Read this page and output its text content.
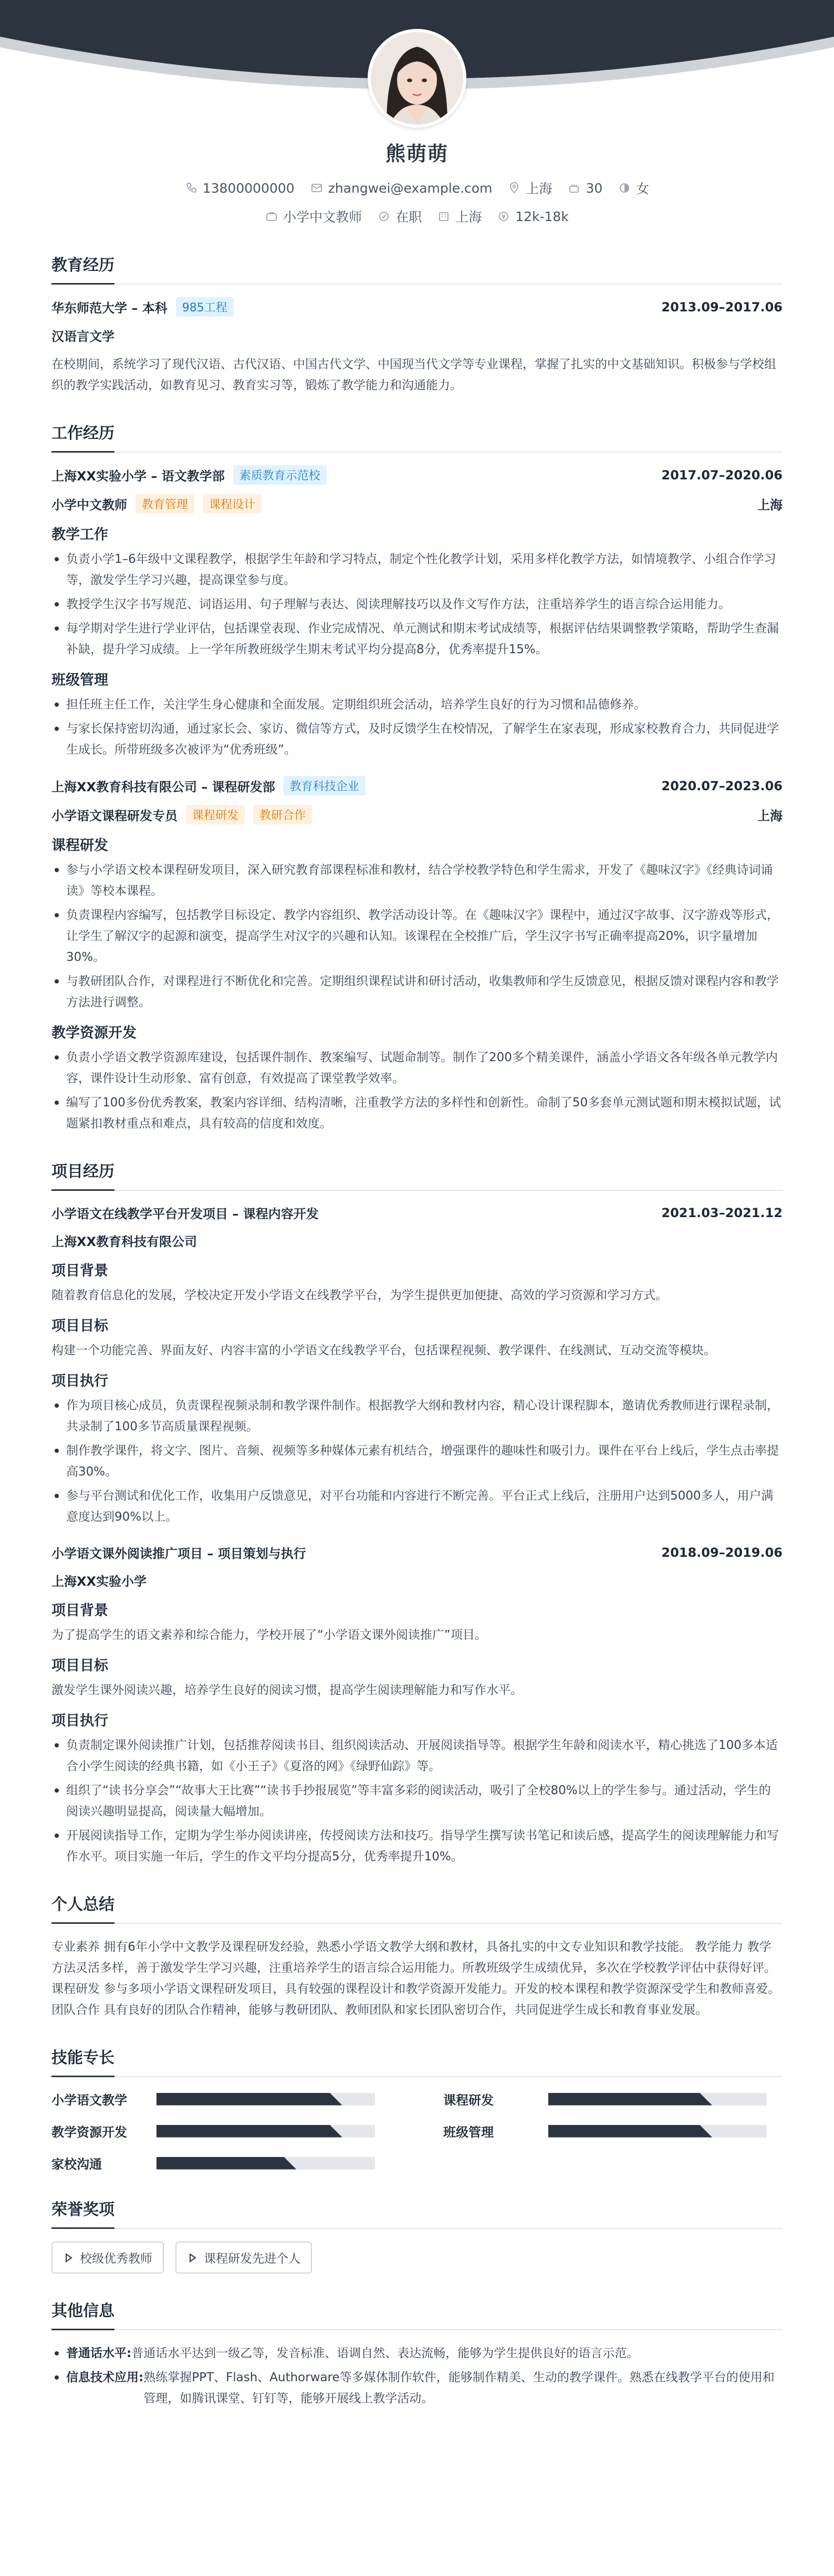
熊萌萌
13800000000	zhangwei@example.com	上海	30	女
小学中文教师	在职	上海	12k-18k
教育经历
华东师范大学 – 本科	985工程	2013.09–2017.06
汉语言文学
在校期间，系统学习了现代汉语、古代汉语、中国古代文学、中国现当代文学等专业课程，掌握了扎实的中文基础知识。积极参与学校组织的教学实践活动，如教育见习、教育实习等，锻炼了教学能力和沟通能力。
工作经历
上海XX实验小学 – 语文教学部	素质教育示范校	2017.07–2020.06
小学中文教师	教育管理	课程设计	上海
教学工作
负责小学1–6年级中文课程教学，根据学生年龄和学习特点，制定个性化教学计划，采用多样化教学方法，如情境教学、小组合作学习等，激发学生学习兴趣，提高课堂参与度。
教授学生汉字书写规范、词语运用、句子理解与表达、阅读理解技巧以及作文写作方法，注重培养学生的语言综合运用能力。
每学期对学生进行学业评估，包括课堂表现、作业完成情况、单元测试和期末考试成绩等，根据评估结果调整教学策略，帮助学生查漏补缺，提升学习成绩。上一学年所教班级学生期末考试平均分提高8分，优秀率提升15%。
班级管理
担任班主任工作，关注学生身心健康和全面发展。定期组织班会活动，培养学生良好的行为习惯和品德修养。
与家长保持密切沟通，通过家长会、家访、微信等方式，及时反馈学生在校情况，了解学生在家表现，形成家校教育合力，共同促进学生成长。所带班级多次被评为“优秀班级”。
上海XX教育科技有限公司 – 课程研发部	教育科技企业	2020.07–2023.06
小学语文课程研发专员	课程研发	教研合作	上海
课程研发
参与小学语文校本课程研发项目，深入研究教育部课程标准和教材，结合学校教学特色和学生需求，开发了《趣味汉字》《经典诗词诵读》等校本课程。
负责课程内容编写，包括教学目标设定、教学内容组织、教学活动设计等。在《趣味汉字》课程中，通过汉字故事、汉字游戏等形式，让学生了解汉字的起源和演变，提高学生对汉字的兴趣和认知。该课程在全校推广后，学生汉字书写正确率提高20%，识字量增加30%。
与教研团队合作，对课程进行不断优化和完善。定期组织课程试讲和研讨活动，收集教师和学生反馈意见，根据反馈对课程内容和教学方法进行调整。
教学资源开发
负责小学语文教学资源库建设，包括课件制作、教案编写、试题命制等。制作了200多个精美课件，涵盖小学语文各年级各单元教学内容，课件设计生动形象、富有创意，有效提高了课堂教学效率。
编写了100多份优秀教案，教案内容详细、结构清晰，注重教学方法的多样性和创新性。命制了50多套单元测试题和期末模拟试题，试题紧扣教材重点和难点，具有较高的信度和效度。
项目经历
小学语文在线教学平台开发项目 – 课程内容开发	2021.03–2021.12
上海XX教育科技有限公司
项目背景
随着教育信息化的发展，学校决定开发小学语文在线教学平台，为学生提供更加便捷、高效的学习资源和学习方式。
项目目标
构建一个功能完善、界面友好、内容丰富的小学语文在线教学平台，包括课程视频、教学课件、在线测试、互动交流等模块。
项目执行
作为项目核心成员，负责课程视频录制和教学课件制作。根据教学大纲和教材内容，精心设计课程脚本，邀请优秀教师进行课程录制，共录制了100多节高质量课程视频。
制作教学课件，将文字、图片、音频、视频等多种媒体元素有机结合，增强课件的趣味性和吸引力。课件在平台上线后，学生点击率提高30%。
参与平台测试和优化工作，收集用户反馈意见，对平台功能和内容进行不断完善。平台正式上线后，注册用户达到5000多人，用户满意度达到90%以上。
小学语文课外阅读推广项目 – 项目策划与执行	2018.09–2019.06
上海XX实验小学
项目背景
为了提高学生的语文素养和综合能力，学校开展了“小学语文课外阅读推广”项目。
项目目标
激发学生课外阅读兴趣，培养学生良好的阅读习惯，提高学生阅读理解能力和写作水平。
项目执行
负责制定课外阅读推广计划，包括推荐阅读书目、组织阅读活动、开展阅读指导等。根据学生年龄和阅读水平，精心挑选了100多本适合小学生阅读的经典书籍，如《小王子》《夏洛的网》《绿野仙踪》等。
组织了“读书分享会”“故事大王比赛”“读书手抄报展览”等丰富多彩的阅读活动，吸引了全校80%以上的学生参与。通过活动，学生的阅读兴趣明显提高，阅读量大幅增加。
开展阅读指导工作，定期为学生举办阅读讲座，传授阅读方法和技巧。指导学生撰写读书笔记和读后感，提高学生的阅读理解能力和写作水平。项目实施一年后，学生的作文平均分提高5分，优秀率提升10%。
个人总结
专业素养 拥有6年小学中文教学及课程研发经验，熟悉小学语文教学大纲和教材，具备扎实的中文专业知识和教学技能。 教学能力 教学方法灵活多样，善于激发学生学习兴趣，注重培养学生的语言综合运用能力。所教班级学生成绩优异，多次在学校教学评估中获得好评。 课程研发 参与多项小学语文课程研发项目，具有较强的课程设计和教学资源开发能力。开发的校本课程和教学资源深受学生和教师喜爱。 团队合作 具有良好的团队合作精神，能够与教研团队、教师团队和家长团队密切合作，共同促进学生成长和教育事业发展。
技能专长
小学语文教学	课程研发
教学资源开发	班级管理
家校沟通
荣誉奖项
校级优秀教师	课程研发先进个人
其他信息
普通话水平: 普通话水平达到一级乙等，发音标准、语调自然、表达流畅，能够为学生提供良好的语言示范。
信息技术应用: 熟练掌握PPT、Flash、Authorware等多媒体制作软件，能够制作精美、生动的教学课件。熟悉在线教学平台的使用和管理，如腾讯课堂、钉钉等，能够开展线上教学活动。
